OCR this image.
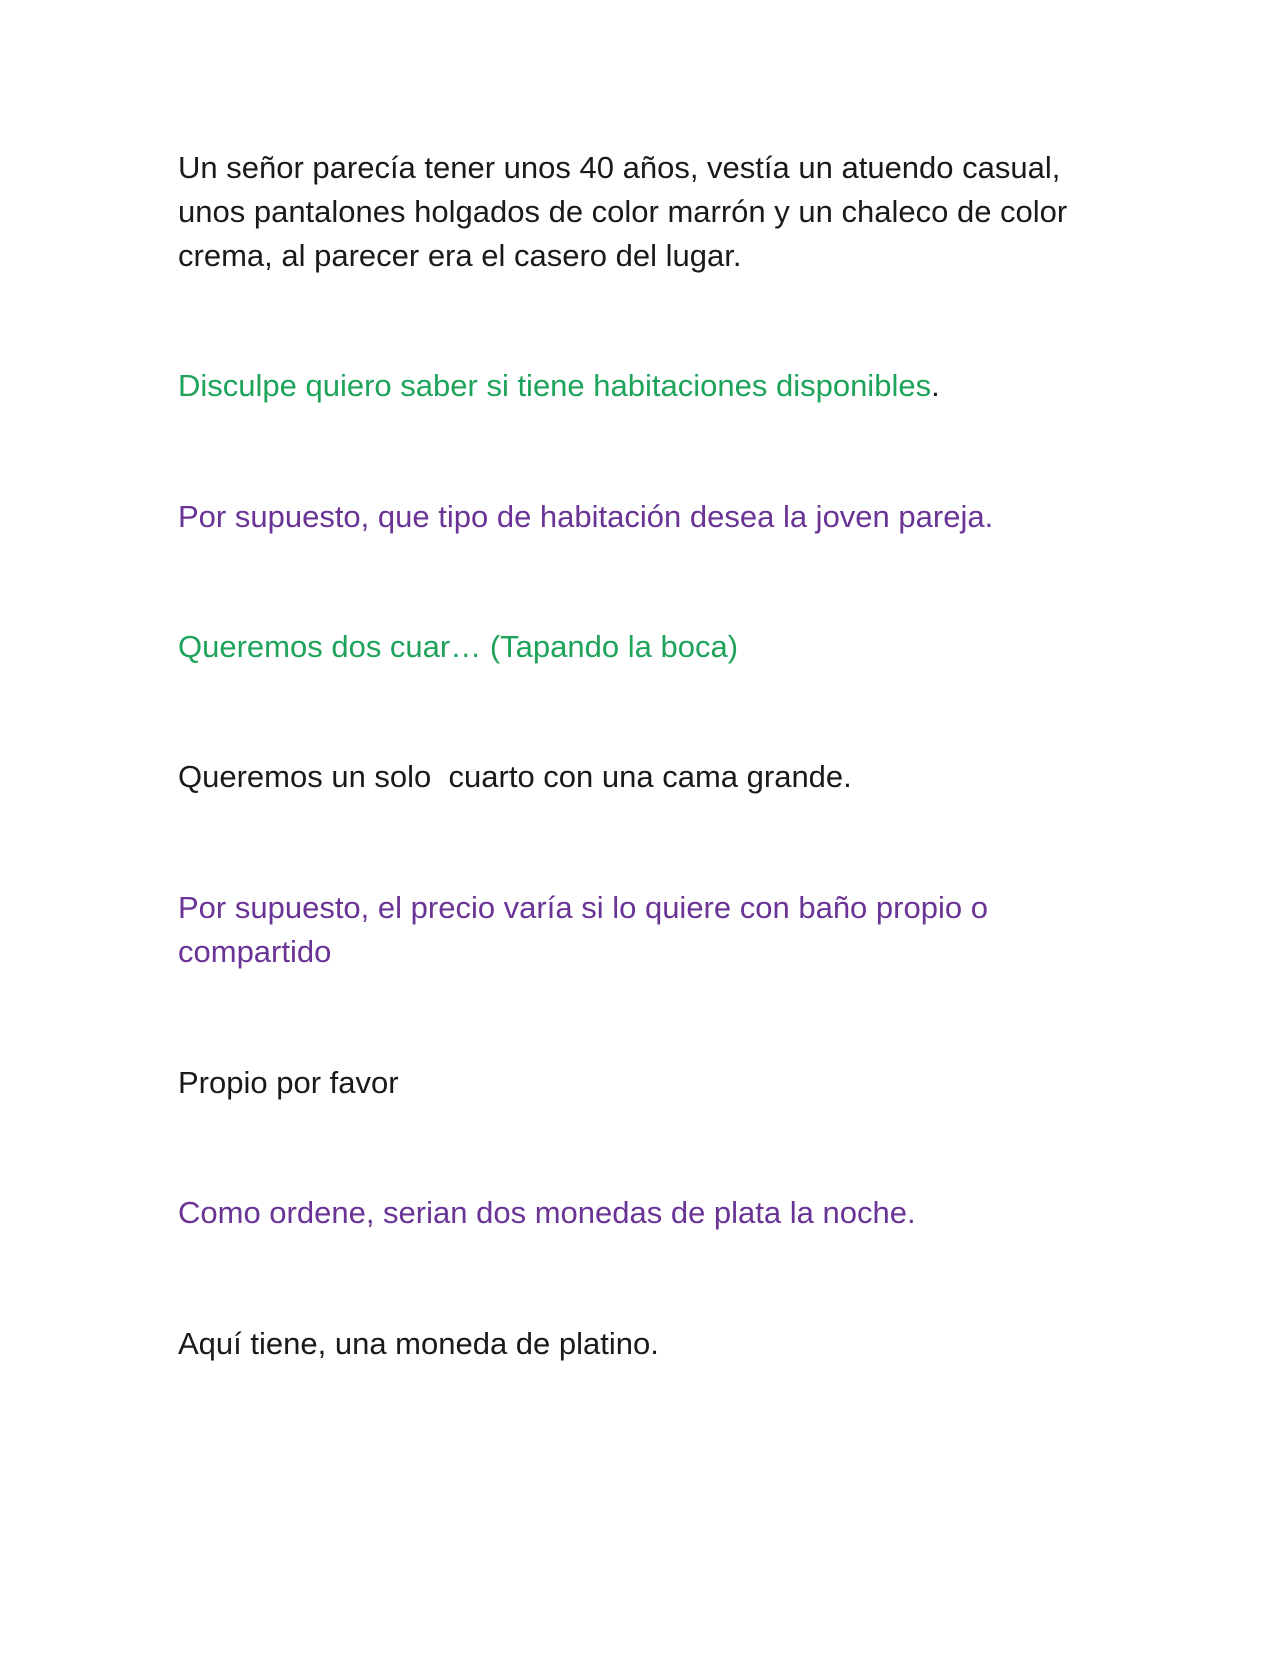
Un señor parecía tener unos 40 años, vestía un atuendo casual, unos pantalones holgados de color marrón y un chaleco de color crema, al parecer era el casero del lugar.

Disculpe quiero saber si tiene habitaciones disponibles.

Por supuesto, que tipo de habitación desea la joven pareja.

Queremos dos cuar… (Tapando la boca)

Queremos un solo  cuarto con una cama grande.

Por supuesto, el precio varía si lo quiere con baño propio o compartido

Propio por favor

Como ordene, serian dos monedas de plata la noche.

Aquí tiene, una moneda de platino.
